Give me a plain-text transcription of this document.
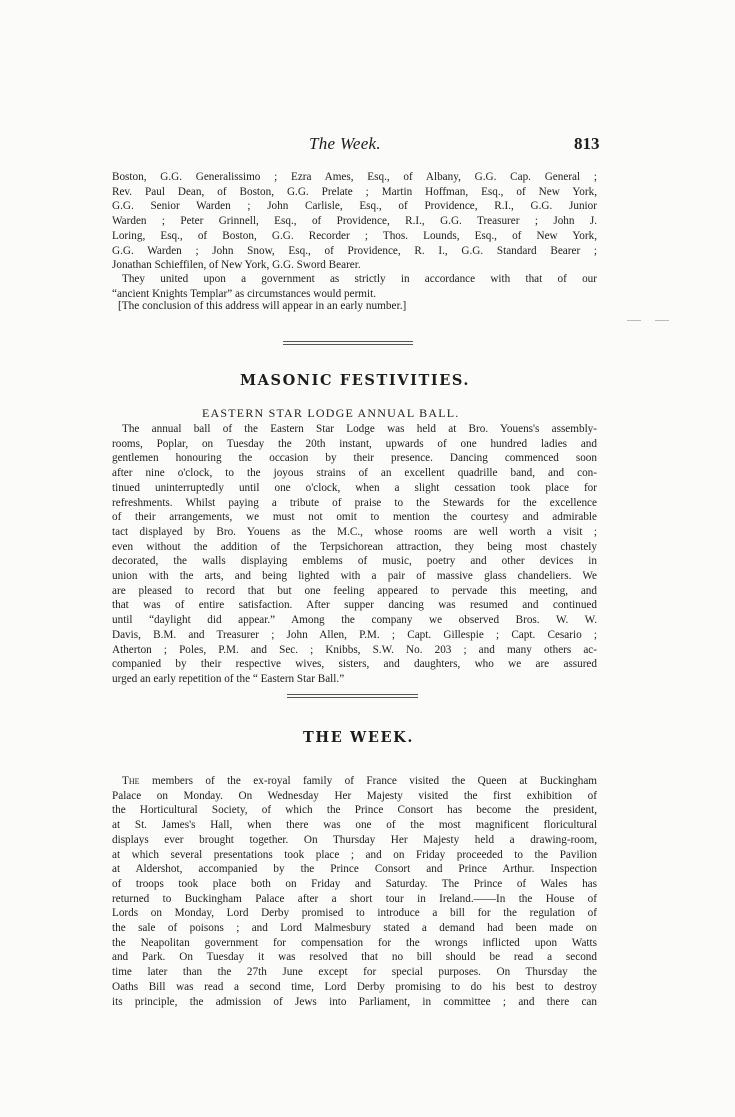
The Week.	813
Boston, G.G. Generalissimo ; Ezra Ames, Esq., of Albany, G.G. Cap. General ;
Rev. Paul Dean, of Boston, G.G. Prelate ; Martin Hoffman, Esq., of New York,
G.G. Senior Warden ; John Carlisle, Esq., of Providence, R.I., G.G. Junior
Warden ; Peter Grinnell, Esq., of Providence, R.I., G.G. Treasurer ; John J.
Loring, Esq., of Boston, G.G. Recorder ; Thos. Lounds, Esq., of New York,
G.G. Warden ; John Snow, Esq., of Providence, R. I., G.G. Standard Bearer ;
Jonathan Schieffilen, of New York, G.G. Sword Bearer.
They united upon a government as strictly in accordance with that of our
“ancient Knights Templar” as circumstances would permit.
[The conclusion of this address will appear in an early number.]
MASONIC FESTIVITIES.
EASTERN STAR LODGE ANNUAL BALL.
The annual ball of the Eastern Star Lodge was held at Bro. Youens's assembly-
rooms, Poplar, on Tuesday the 20th instant, upwards of one hundred ladies and
gentlemen honouring the occasion by their presence. Dancing commenced soon
after nine o'clock, to the joyous strains of an excellent quadrille band, and con-
tinued uninterruptedly until one o'clock, when a slight cessation took place for
refreshments. Whilst paying a tribute of praise to the Stewards for the excellence
of their arrangements, we must not omit to mention the courtesy and admirable
tact displayed by Bro. Youens as the M.C., whose rooms are well worth a visit ;
even without the addition of the Terpsichorean attraction, they being most chastely
decorated, the walls displaying emblems of music, poetry and other devices in
union with the arts, and being lighted with a pair of massive glass chandeliers. We
are pleased to record that but one feeling appeared to pervade this meeting, and
that was of entire satisfaction. After supper dancing was resumed and continued
until “daylight did appear.” Among the company we observed Bros. W. W.
Davis, B.M. and Treasurer ; John Allen, P.M. ; Capt. Gillespie ; Capt. Cesario ;
Atherton ; Poles, P.M. and Sec. ; Knibbs, S.W. No. 203 ; and many others ac-
companied by their respective wives, sisters, and daughters, who we are assured
urged an early repetition of the “ Eastern Star Ball.”
THE WEEK.
The members of the ex-royal family of France visited the Queen at Buckingham
Palace on Monday. On Wednesday Her Majesty visited the first exhibition of
the Horticultural Society, of which the Prince Consort has become the president,
at St. James's Hall, when there was one of the most magnificent floricultural
displays ever brought together. On Thursday Her Majesty held a drawing-room,
at which several presentations took place ; and on Friday proceeded to the Pavilion
at Aldershot, accompanied by the Prince Consort and Prince Arthur. Inspection
of troops took place both on Friday and Saturday. The Prince of Wales has
returned to Buckingham Palace after a short tour in Ireland.——In the House of
Lords on Monday, Lord Derby promised to introduce a bill for the regulation of
the sale of poisons ; and Lord Malmesbury stated a demand had been made on
the Neapolitan government for compensation for the wrongs inflicted upon Watts
and Park. On Tuesday it was resolved that no bill should be read a second
time later than the 27th June except for special purposes. On Thursday the
Oaths Bill was read a second time, Lord Derby promising to do his best to destroy
its principle, the admission of Jews into Parliament, in committee ; and there can
